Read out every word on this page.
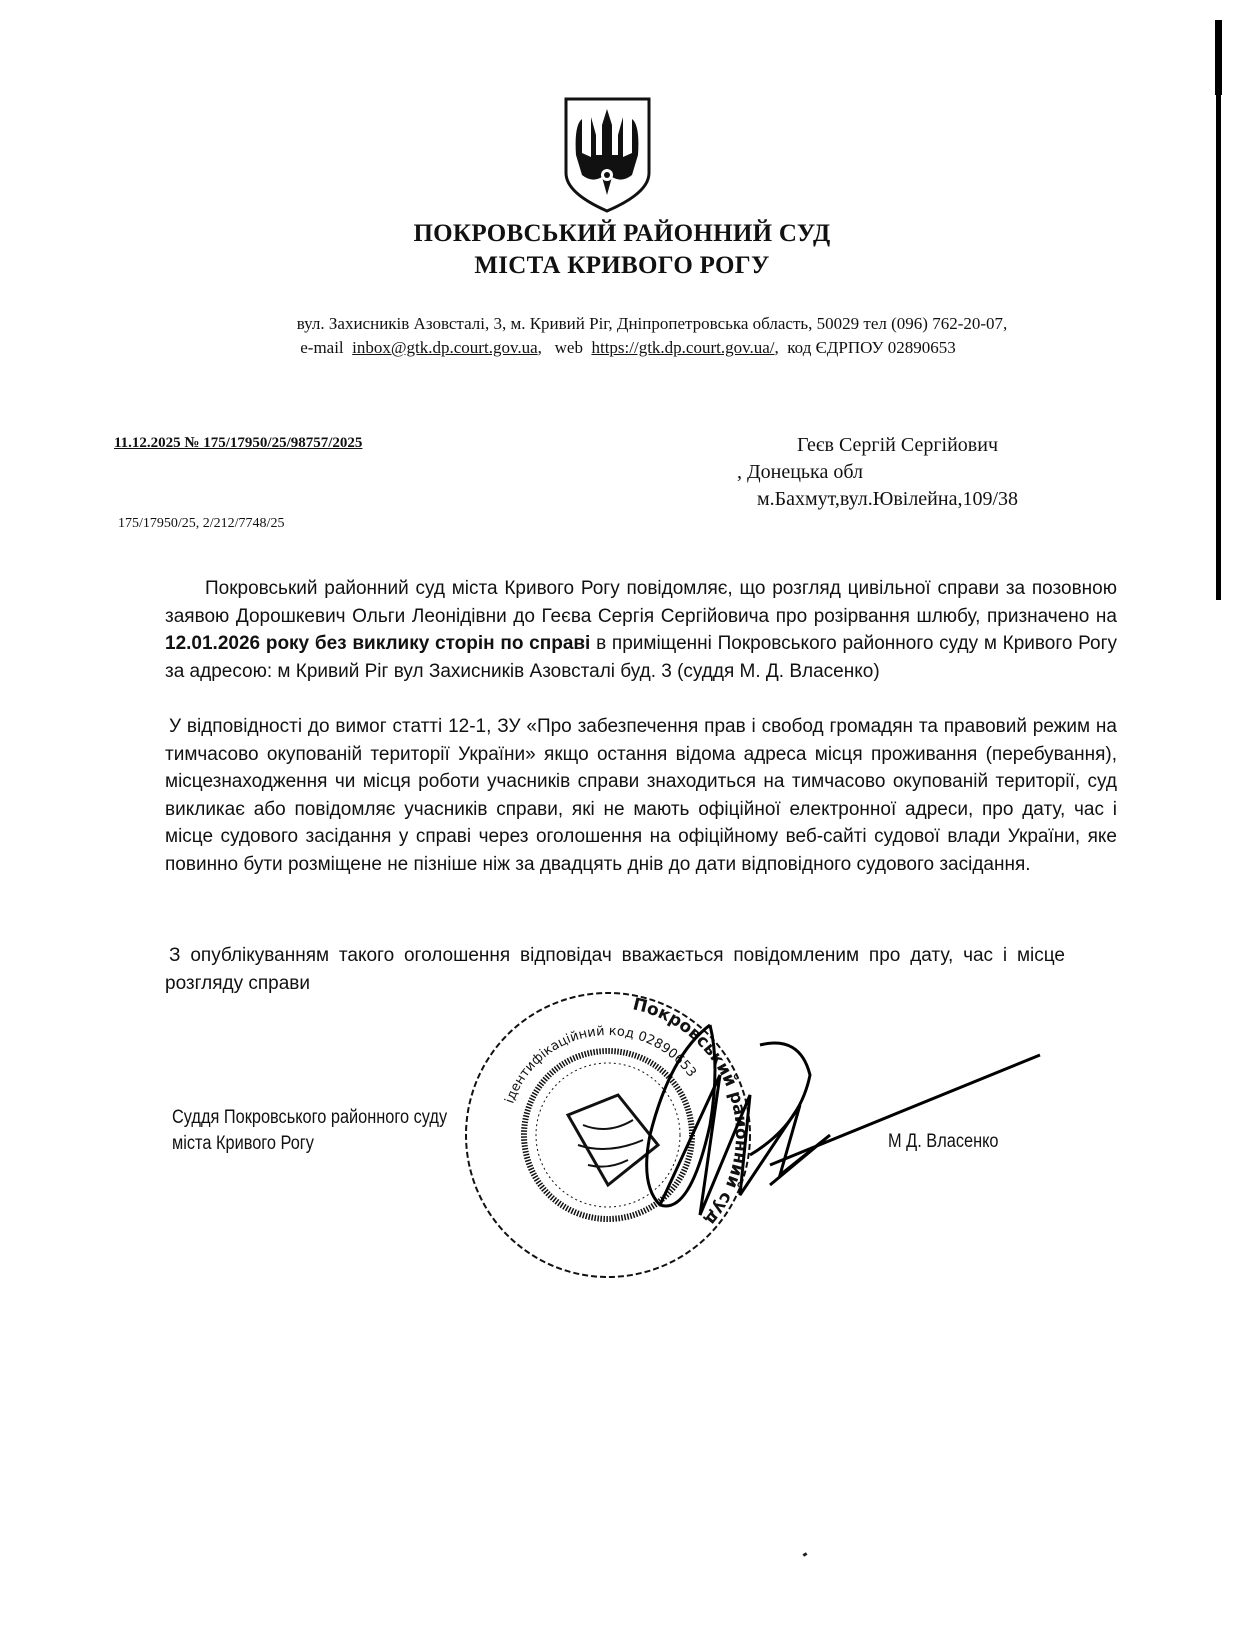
ПОКРОВСЬКИЙ РАЙОННИЙ СУД
МІСТА КРИВОГО РОГУ
вул. Захисників Азовсталі, 3, м. Кривий Ріг, Дніпропетровська область, 50029 тел (096) 762-20-07,
e-mail inbox@gtk.dp.court.gov.ua,   web https://gtk.dp.court.gov.ua/,  код ЄДРПОУ 02890653
11.12.2025 № 175/17950/25/98757/2025
175/17950/25, 2/212/7748/25
Геєв Сергій Сергійович
, Донецька обл
м.Бахмут,вул.Ювілейна,109/38
Покровський районний суд міста Кривого Рогу повідомляє, що розгляд цивільної справи за позовною заявою Дорошкевич Ольги Леонідівни до Геєва Сергія Сергійовича про розірвання шлюбу, призначено на 12.01.2026 року без виклику сторін по справі в приміщенні Покровського районного суду м Кривого Рогу за адресою: м Кривий Ріг вул Захисників Азовсталі буд. 3 (суддя М. Д. Власенко)
У відповідності до вимог статті 12-1, ЗУ «Про забезпечення прав і свобод громадян та правовий режим на тимчасово окупованій території України» якщо остання відома адреса місця проживання (перебування), місцезнаходження чи місця роботи учасників справи знаходиться на тимчасово окупованій території, суд викликає або повідомляє учасників справи, які не мають офіційної електронної адреси, про дату, час і місце судового засідання у справі через оголошення на офіційному веб-сайті судової влади України, яке повинно бути розміщене не пізніше ніж за двадцять днів до дати відповідного судового засідання.
З опублікуванням такого оголошення відповідач вважається повідомленим про дату, час і місце розгляду справи
Покровський районний суд
ідентифікаційний код 02890653
Суддя Покровського районного суду
міста Кривого Рогу	М Д. Власенко
